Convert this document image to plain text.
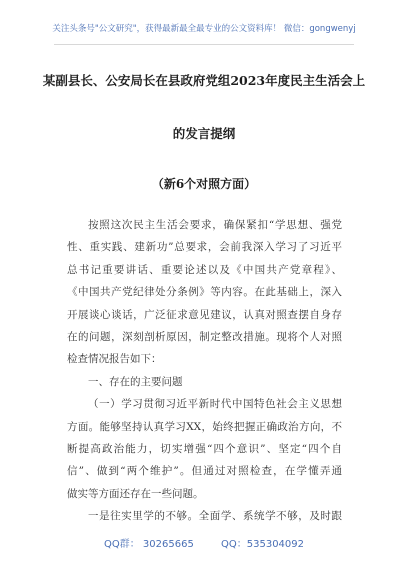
关注头条号"公文研究"，获得最新最全最专业的公文资料库！ 微信：gongwenyj
某副县长、公安局长在县政府党组2023年度民主生活会上
的发言提纲
（新6个对照方面）

按照这次民主生活会要求，确保紧扣“学思想、强党

性、重实践、建新功”总要求，会前我深入学习了习近平

总书记重要讲话、重要论述以及《中国共产党章程》、

《中国共产党纪律处分条例》等内容。在此基础上，深入

开展谈心谈话，广泛征求意见建议，认真对照查摆自身存

在的问题，深刻剖析原因，制定整改措施。现将个人对照

检查情况报告如下：

一、存在的主要问题

（一）学习贯彻习近平新时代中国特色社会主义思想

方面。能够坚持认真学习XX，始终把握正确政治方向，不

断提高政治能力，切实增强“四个意识”、坚定“四个自

信”、做到“两个维护”。但通过对照检查，在学懂弄通

做实等方面还存在一些问题。

一是往实里学的不够。全面学、系统学不够，及时跟

QQ群： 30265665	QQ：535304092
